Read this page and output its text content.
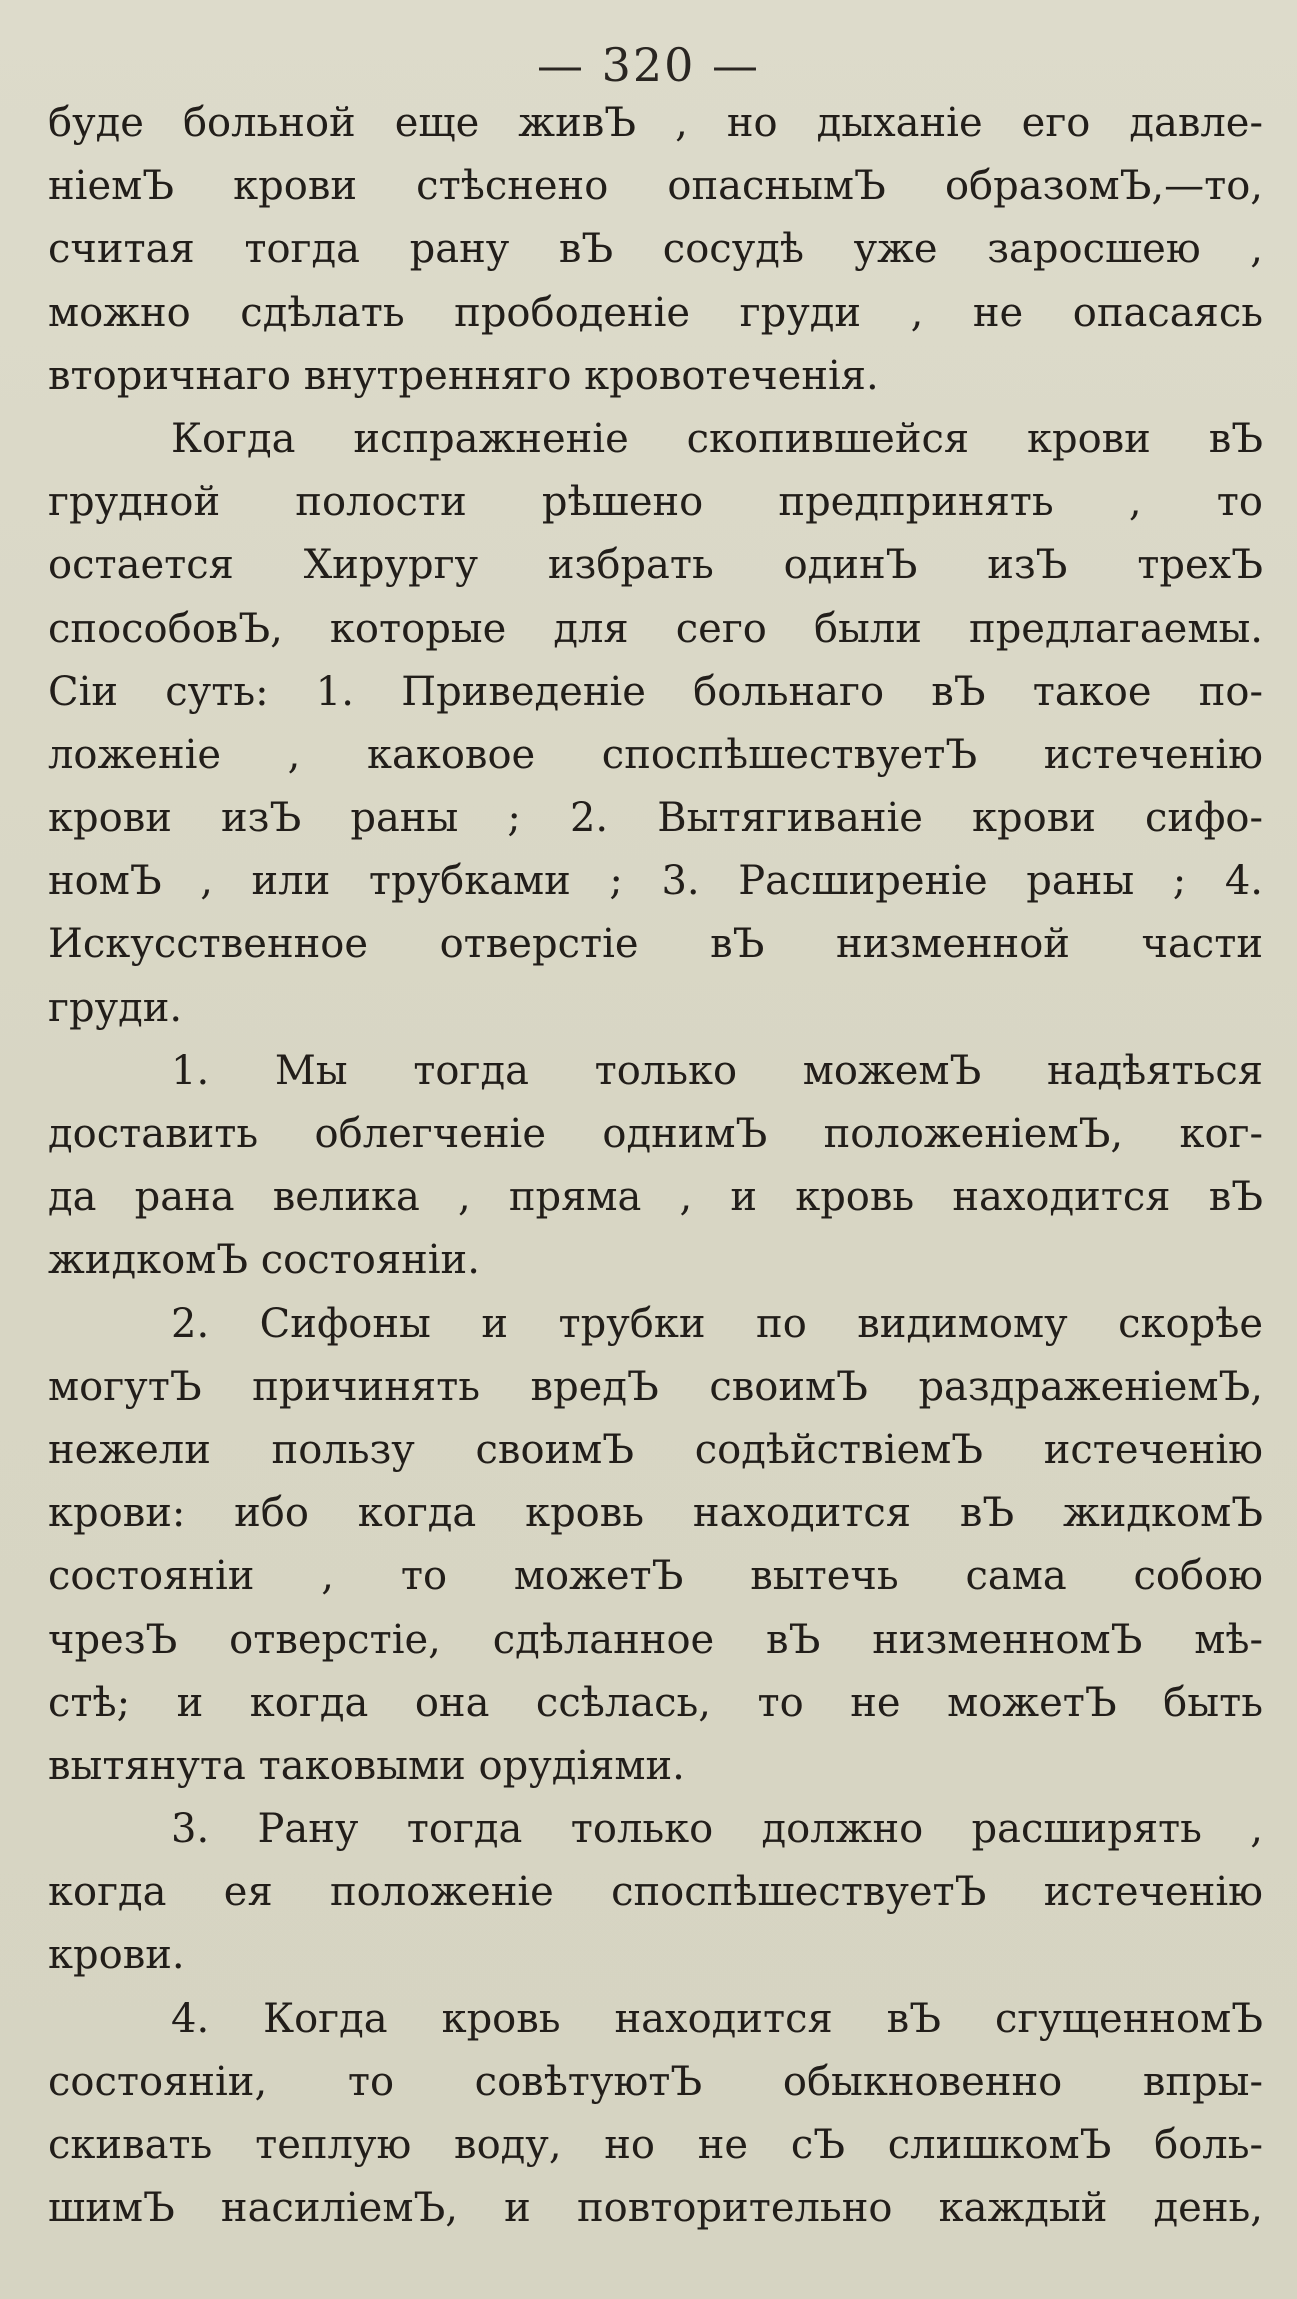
— 320 —
буде больной еще живЪ , но дыханіе его давле-
ніемЪ крови стѣснено опаснымЪ образомЪ,—то,
считая тогда рану вЪ сосудѣ уже заросшею ,
можно сдѣлать прободеніе груди , не опасаясь
вторичнаго внутренняго кровотеченія.
Когда испражненіе скопившейся крови вЪ
грудной полости рѣшено предпринять , то
остается Хирургу избрать одинЪ изЪ трехЪ
способовЪ, которые для сего были предлагаемы.
Сіи суть: 1. Приведеніе больнаго вЪ такое по-
ложеніе , каковое споспѣшествуетЪ истеченію
крови изЪ раны ; 2. Вытягиваніе крови сифо-
номЪ , или трубками ; 3. Расширеніе раны ; 4.
Искусственное отверстіе вЪ низменной части
груди.
1. Мы тогда только можемЪ надѣяться
доставить облегченіе однимЪ положеніемЪ, ког-
да рана велика , пряма , и кровь находится вЪ
жидкомЪ состояніи.
2. Сифоны и трубки по видимому скорѣе
могутЪ причинять вредЪ своимЪ раздраженіемЪ,
нежели пользу своимЪ содѣйствіемЪ истеченію
крови: ибо когда кровь находится вЪ жидкомЪ
состояніи , то можетЪ вытечь сама собою
чрезЪ отверстіе, сдѣланное вЪ низменномЪ мѣ-
стѣ; и когда она ссѣлась, то не можетЪ быть
вытянута таковыми орудіями.
3. Рану тогда только должно расширять ,
когда ея положеніе споспѣшествуетЪ истеченію
крови.
4. Когда кровь находится вЪ сгущенномЪ
состояніи, то совѣтуютЪ обыкновенно впры-
скивать теплую воду, но не сЪ слишкомЪ боль-
шимЪ насиліемЪ, и повторительно каждый день,
